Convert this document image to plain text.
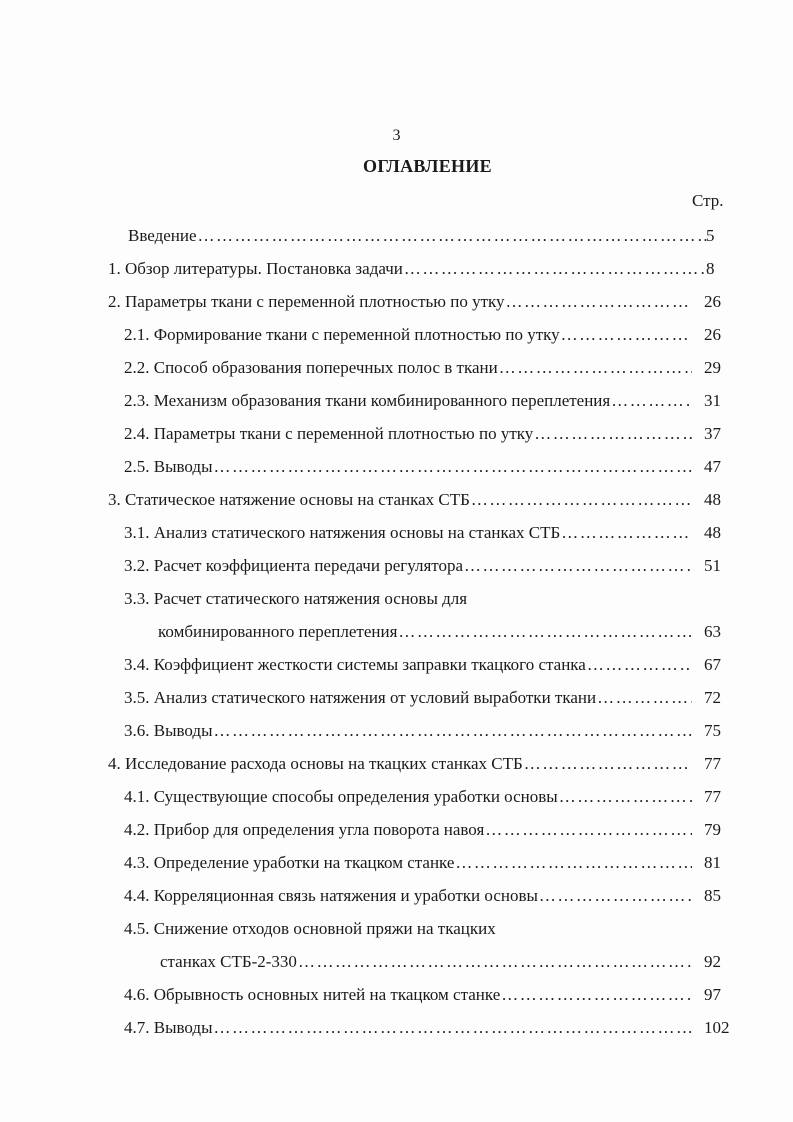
3
ОГЛАВЛЕНИЕ
Стр.
Введение ………………………………………………………………………………………………………………………………………	5
1. Обзор литературы. Постановка задачи ………………………………………………………………………………………………………………………………………	8
2. Параметры ткани с переменной плотностью по утку ………………………………………………………………………………………………………………………………………	26
2.1. Формирование ткани с переменной плотностью по утку ………………………………………………………………………………………………………………………………………	26
2.2. Способ образования поперечных полос в ткани ………………………………………………………………………………………………………………………………………	29
2.3. Механизм образования ткани комбинированного переплетения ………………………………………………………………………………………………………………………………………	31
2.4. Параметры ткани с переменной плотностью по утку ………………………………………………………………………………………………………………………………………	37
2.5. Выводы ………………………………………………………………………………………………………………………………………	47
3. Статическое натяжение основы на станках СТБ ………………………………………………………………………………………………………………………………………	48
3.1. Анализ статического натяжения основы на станках СТБ ………………………………………………………………………………………………………………………………………	48
3.2. Расчет коэффициента передачи регулятора ………………………………………………………………………………………………………………………………………	51
3.3. Расчет статического натяжения основы для
комбинированного переплетения ………………………………………………………………………………………………………………………………………	63
3.4. Коэффициент жесткости системы заправки ткацкого станка ………………………………………………………………………………………………………………………………………	67
3.5. Анализ статического натяжения от условий выработки ткани ………………………………………………………………………………………………………………………………………	72
3.6. Выводы ………………………………………………………………………………………………………………………………………	75
4. Исследование расхода основы на ткацких станках СТБ ………………………………………………………………………………………………………………………………………	77
4.1. Существующие способы определения уработки основы ………………………………………………………………………………………………………………………………………	77
4.2. Прибор для определения угла поворота навоя ………………………………………………………………………………………………………………………………………	79
4.3. Определение уработки на ткацком станке ………………………………………………………………………………………………………………………………………	81
4.4. Корреляционная связь натяжения и уработки основы ………………………………………………………………………………………………………………………………………	85
4.5. Снижение отходов основной пряжи на ткацких
станках СТБ-2-330 ………………………………………………………………………………………………………………………………………	92
4.6. Обрывность основных нитей на ткацком станке ………………………………………………………………………………………………………………………………………	97
4.7. Выводы ………………………………………………………………………………………………………………………………………	102
